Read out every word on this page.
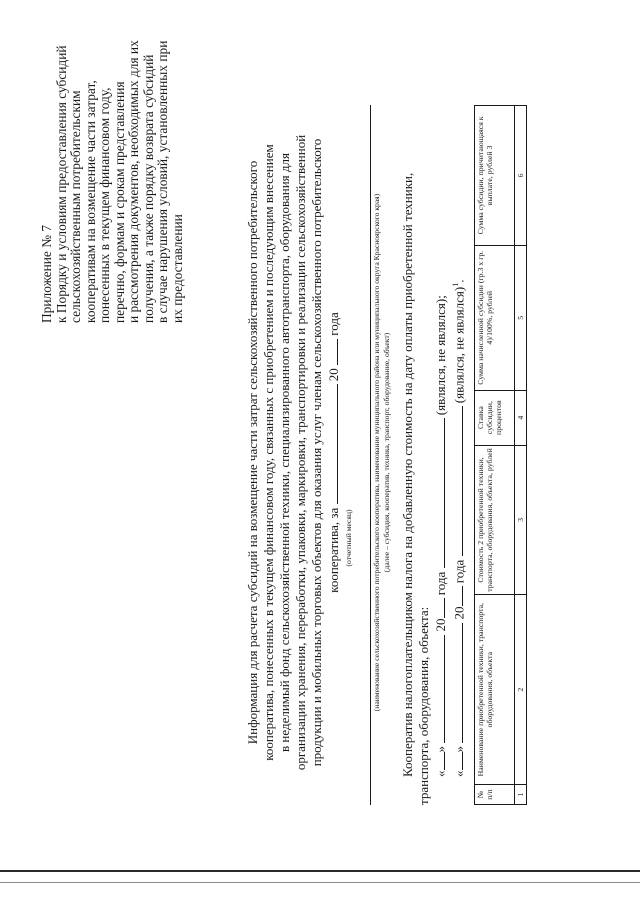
Приложение № 7 к Порядку и условиям предоставления субсидий сельскохозяйственным потребительским кооперативам на возмещение части затрат, понесенных в текущем финансовом году, перечню, формам и срокам представления и рассмотрения документов, необходимых для их получения, а также порядку возврата субсидий в случае нарушения условий, установленных при их предоставлении	Информация для расчета субсидий на возмещение части затрат сельскохозяйственного потребительского кооператива, понесенных в текущем финансовом году, связанных с приобретением и последующим внесением в неделимый фонд сельскохозяйственной техники, специализированного автотранспорта, оборудования для организации хранения, переработки, упаковки, маркировки, транспортировки и реализации сельскохозяйственной продукции и мобильных торговых объектов для оказания услуг членам сельскохозяйственного потребительского кооператива, за  20  года
(отчетный месяц)	(наименование сельскохозяйственного потребительского кооператива, наименование муниципального района или муниципального округа Красноярского края) (далее – субсидия, кооператив, техника, транспорт, оборудование, объект) Кооператив налогоплательщиком налога на добавленную стоимость на дату оплаты приобретенной техники, транспорта, оборудования, объекта: «»  20 года  (являлся, не являлся);
«»  20 года  (являлся, не являлся)$^1$.
№ п/п	Наименование приобретенной техники, транспорта, оборудования, объекта	Стоимость 2 приобретенной техники, транспорта, оборудования, объекта, рублей	Ставка субсидии, процентов	Сумма начисленной субсидии (гр.3 х гр. 4)/100%, рублей	Сумма субсидии, причитающаяся к выплате, рублей 3
1	2	3	4	5	6
